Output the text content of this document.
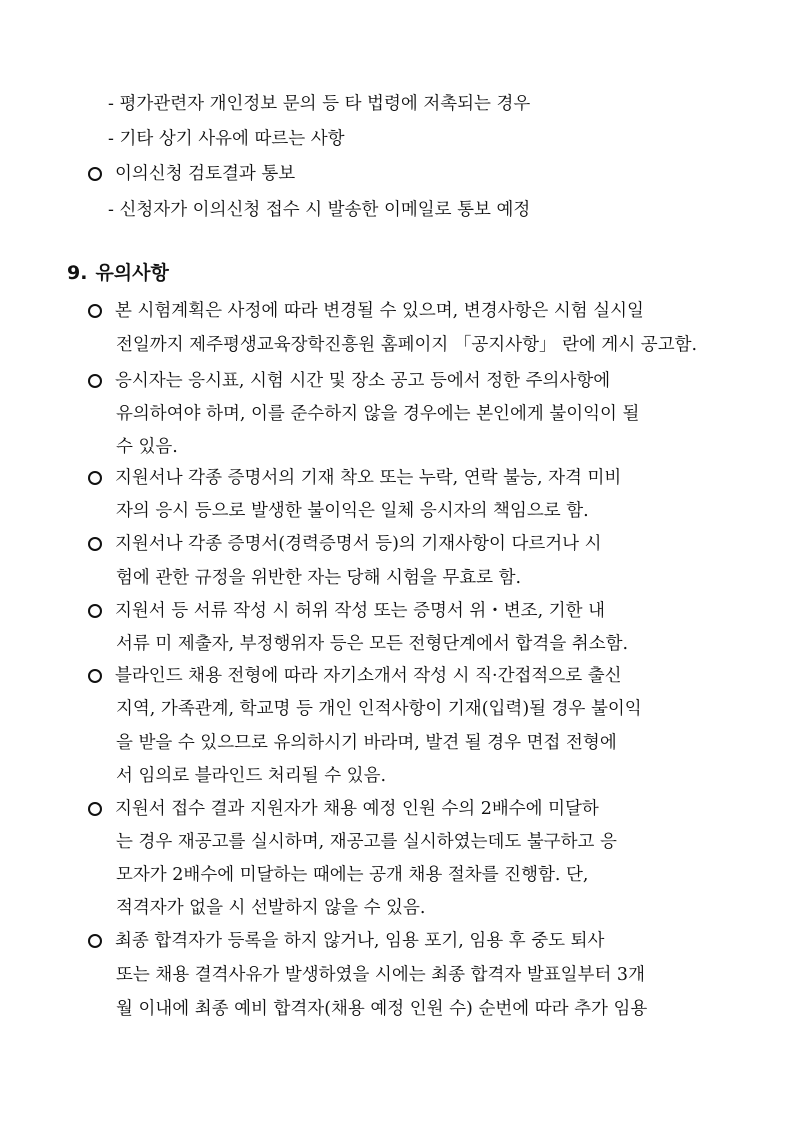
- 평가관련자 개인정보 문의 등 타 법령에 저촉되는 경우
- 기타 상기 사유에 따르는 사항
이의신청 검토결과 통보
- 신청자가 이의신청 접수 시 발송한 이메일로 통보 예정
9. 유의사항
본 시험계획은 사정에 따라 변경될 수 있으며, 변경사항은 시험 실시일
전일까지 제주평생교육장학진흥원 홈페이지 「공지사항」 란에 게시 공고함.
응시자는 응시표, 시험 시간 및 장소 공고 등에서 정한 주의사항에
유의하여야 하며, 이를 준수하지 않을 경우에는 본인에게 불이익이 될
수 있음.
지원서나 각종 증명서의 기재 착오 또는 누락, 연락 불능, 자격 미비
자의 응시 등으로 발생한 불이익은 일체 응시자의 책임으로 함.
지원서나 각종 증명서(경력증명서 등)의 기재사항이 다르거나 시
험에 관한 규정을 위반한 자는 당해 시험을 무효로 함.
지원서 등 서류 작성 시 허위 작성 또는 증명서 위・변조, 기한 내
서류 미 제출자, 부정행위자 등은 모든 전형단계에서 합격을 취소함.
블라인드 채용 전형에 따라 자기소개서 작성 시 직·간접적으로 출신
지역, 가족관계, 학교명 등 개인 인적사항이 기재(입력)될 경우 불이익
을 받을 수 있으므로 유의하시기 바라며, 발견 될 경우 면접 전형에
서 임의로 블라인드 처리될 수 있음.
지원서 접수 결과 지원자가 채용 예정 인원 수의 2배수에 미달하
는 경우 재공고를 실시하며, 재공고를 실시하였는데도 불구하고 응
모자가 2배수에 미달하는 때에는 공개 채용 절차를 진행함. 단,
적격자가 없을 시 선발하지 않을 수 있음.
최종 합격자가 등록을 하지 않거나, 임용 포기, 임용 후 중도 퇴사
또는 채용 결격사유가 발생하였을 시에는 최종 합격자 발표일부터 3개
월 이내에 최종 예비 합격자(채용 예정 인원 수) 순번에 따라 추가 임용
